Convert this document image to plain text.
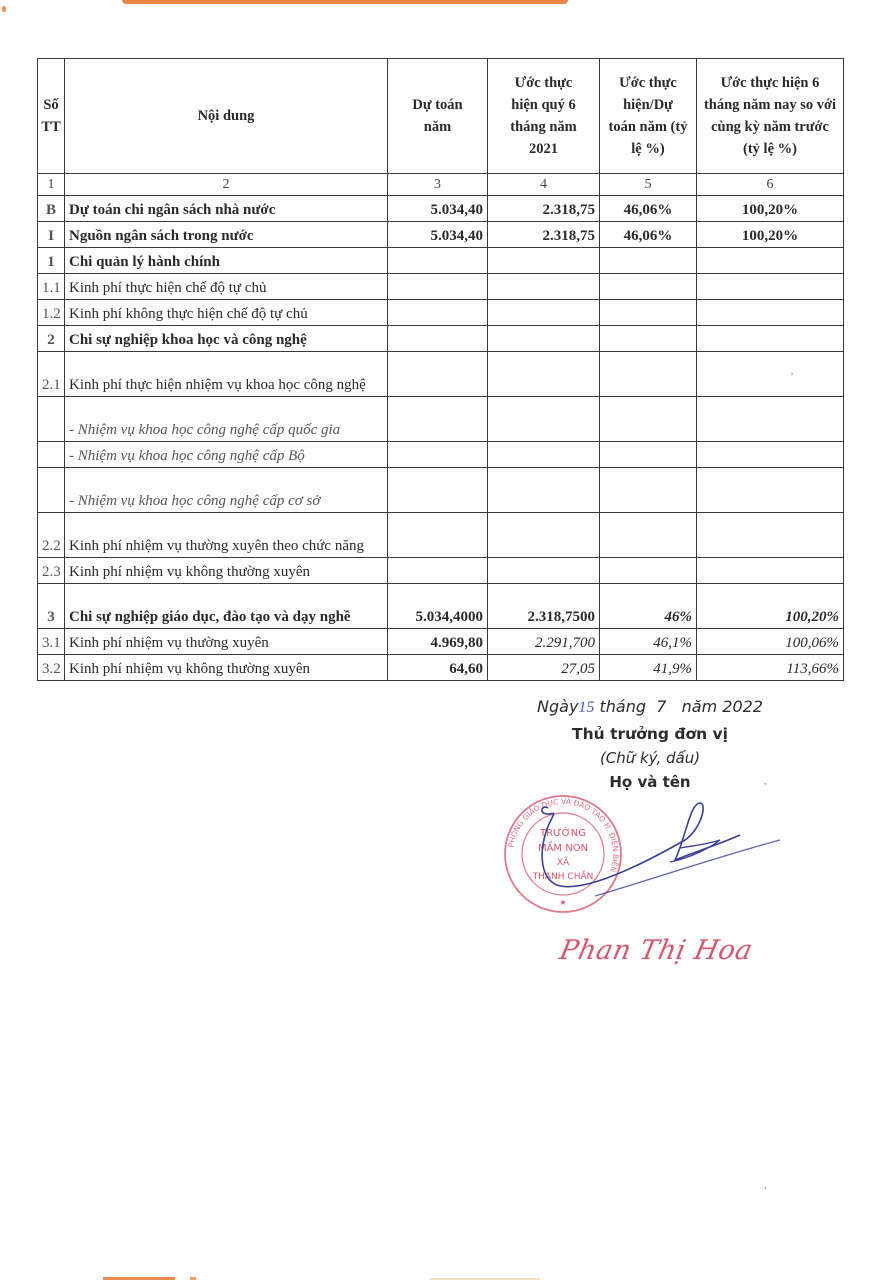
Số TT	Nội dung	Dự toán năm	Ước thực hiện quý 6 tháng năm 2021	Ước thực hiện/Dự toán năm (tỷ lệ %)	Ước thực hiện 6 tháng năm nay so với cùng kỳ năm trước (tỷ lệ %)
1	2	3	4	5	6
B	Dự toán chi ngân sách nhà nước	5.034,40	2.318,75	46,06%	100,20%
I	Nguồn ngân sách trong nước	5.034,40	2.318,75	46,06%	100,20%
1	Chi quản lý hành chính				
1.1	Kinh phí thực hiện chế độ tự chủ				
1.2	Kinh phí không thực hiện chế độ tự chủ				
2	Chi sự nghiệp khoa học và công nghệ				
2.1	Kinh phí thực hiện nhiệm vụ khoa học công nghệ				,
	- Nhiệm vụ khoa học công nghệ cấp quốc gia				
	- Nhiệm vụ khoa học công nghệ cấp Bộ				
	- Nhiệm vụ khoa học công nghệ cấp cơ sở				
2.2	Kinh phí nhiệm vụ thường xuyên theo chức năng				
2.3	Kinh phí nhiệm vụ không thường xuyên				
3	Chi sự nghiệp giáo dục, đào tạo và dạy nghề	5.034,4000	2.318,7500	46%	100,20%
3.1	Kinh phí nhiệm vụ thường xuyên	4.969,80	2.291,700	46,1%	100,06%
3.2	Kinh phí nhiệm vụ không thường xuyên	64,60	27,05	41,9%	113,66%
Ngày15 tháng  7   năm 2022
Thủ trưởng đơn vị
(Chữ ký, dấu)
Họ và tên
PHÒNG GIÁO DỤC VÀ ĐÀO TẠO H. ĐIỆN BIÊN
TRƯỜNG
MẦM NON
XÃ
THANH CHĂN
★
Phan Thị Hoa
,
,
